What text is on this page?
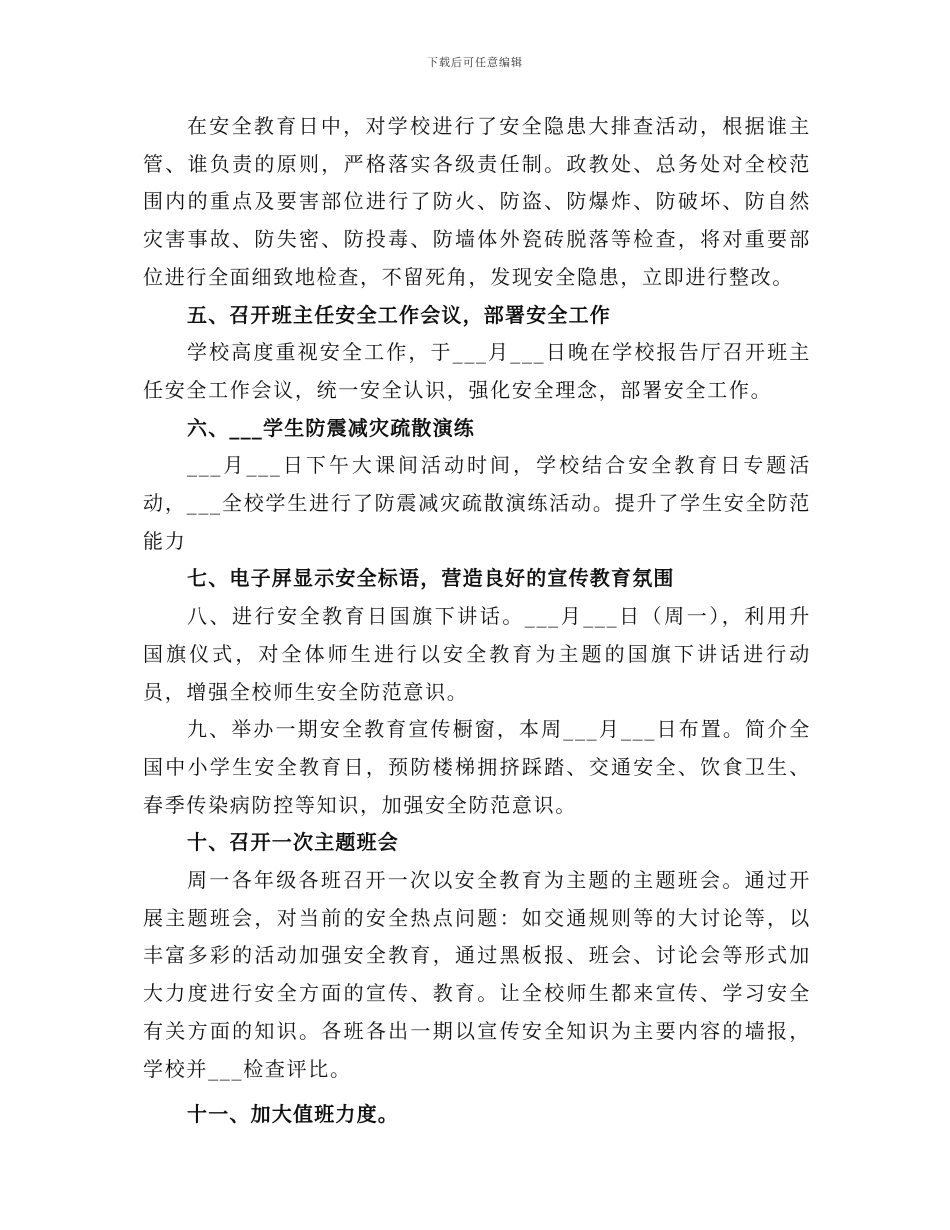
下载后可任意编辑

在安全教育日中，对学校进行了安全隐患大排查活动，根据谁主管、谁负责的原则，严格落实各级责任制。政教处、总务处对全校范围内的重点及要害部位进行了防火、防盗、防爆炸、防破坏、防自然灾害事故、防失密、防投毒、防墙体外瓷砖脱落等检查，将对重要部位进行全面细致地检查，不留死角，发现安全隐患，立即进行整改。

五、召开班主任安全工作会议，部署安全工作

学校高度重视安全工作，于___月___日晚在学校报告厅召开班主任安全工作会议，统一安全认识，强化安全理念，部署安全工作。

六、___学生防震减灾疏散演练

___月___日下午大课间活动时间，学校结合安全教育日专题活动，___全校学生进行了防震减灾疏散演练活动。提升了学生安全防范能力

七、电子屏显示安全标语，营造良好的宣传教育氛围

八、进行安全教育日国旗下讲话。___月___日（周一），利用升国旗仪式，对全体师生进行以安全教育为主题的国旗下讲话进行动员，增强全校师生安全防范意识。

九、举办一期安全教育宣传橱窗，本周___月___日布置。简介全国中小学生安全教育日，预防楼梯拥挤踩踏、交通安全、饮食卫生、春季传染病防控等知识，加强安全防范意识。

十、召开一次主题班会

周一各年级各班召开一次以安全教育为主题的主题班会。通过开展主题班会，对当前的安全热点问题：如交通规则等的大讨论等，以丰富多彩的活动加强安全教育，通过黑板报、班会、讨论会等形式加大力度进行安全方面的宣传、教育。让全校师生都来宣传、学习安全有关方面的知识。各班各出一期以宣传安全知识为主要内容的墙报，学校并___检查评比。

十一、加大值班力度。
